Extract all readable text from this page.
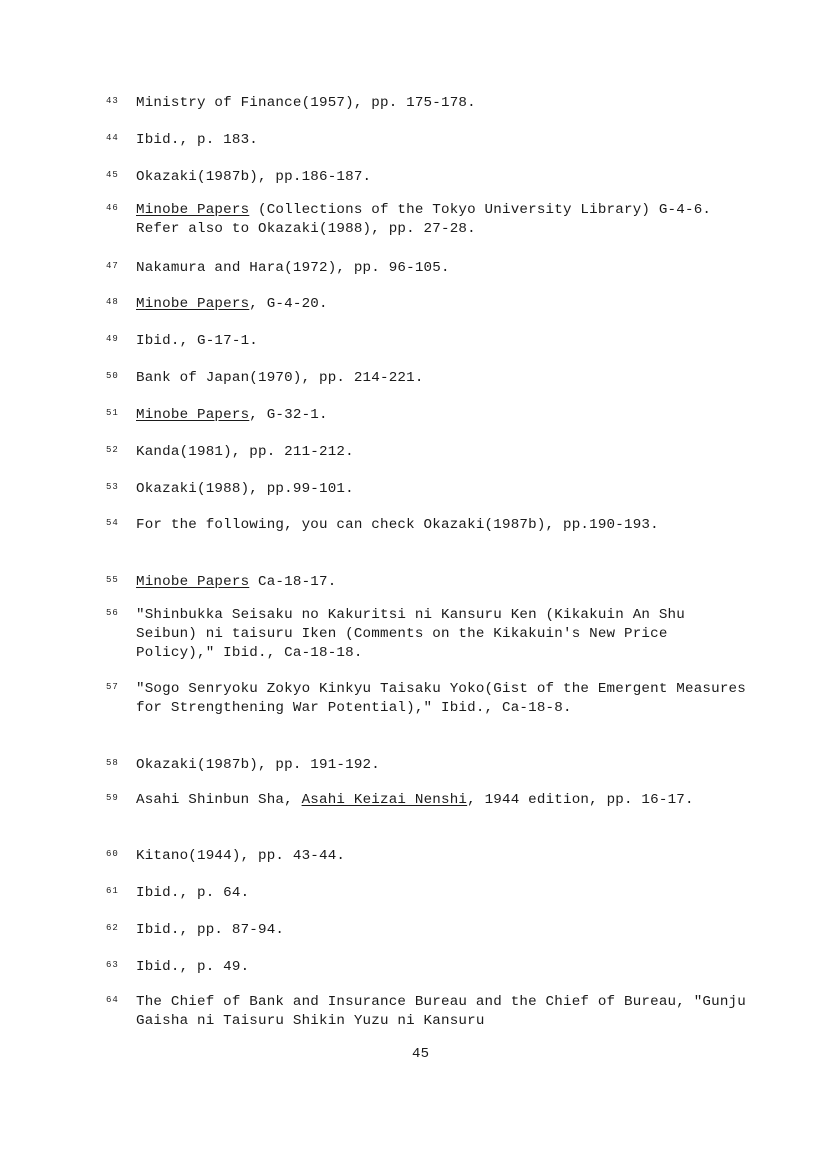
43 Ministry of Finance(1957), pp. 175-178.
44 Ibid., p. 183.
45 Okazaki(1987b), pp.186-187.
46 Minobe Papers (Collections of the Tokyo University Library) G-4-6. Refer also to Okazaki(1988), pp. 27-28.
47 Nakamura and Hara(1972), pp. 96-105.
48 Minobe Papers, G-4-20.
49 Ibid., G-17-1.
50 Bank of Japan(1970), pp. 214-221.
51 Minobe Papers, G-32-1.
52 Kanda(1981), pp. 211-212.
53 Okazaki(1988), pp.99-101.
54 For the following, you can check Okazaki(1987b), pp.190-193.
55 Minobe Papers Ca-18-17.
56 "Shinbukka Seisaku no Kakuritsi ni Kansuru Ken (Kikakuin An Shu Seibun) ni taisuru Iken (Comments on the Kikakuin's New Price Policy)," Ibid., Ca-18-18.
57 "Sogo Senryoku Zokyo Kinkyu Taisaku Yoko(Gist of the Emergent Measures for Strengthening War Potential)," Ibid., Ca-18-8.
58 Okazaki(1987b), pp. 191-192.
59 Asahi Shinbun Sha, Asahi Keizai Nenshi, 1944 edition, pp. 16-17.
60 Kitano(1944), pp. 43-44.
61 Ibid., p. 64.
62 Ibid., pp. 87-94.
63 Ibid., p. 49.
64 The Chief of Bank and Insurance Bureau and the Chief of Bureau, "Gunju Gaisha ni Taisuru Shikin Yuzu ni Kansuru
45
